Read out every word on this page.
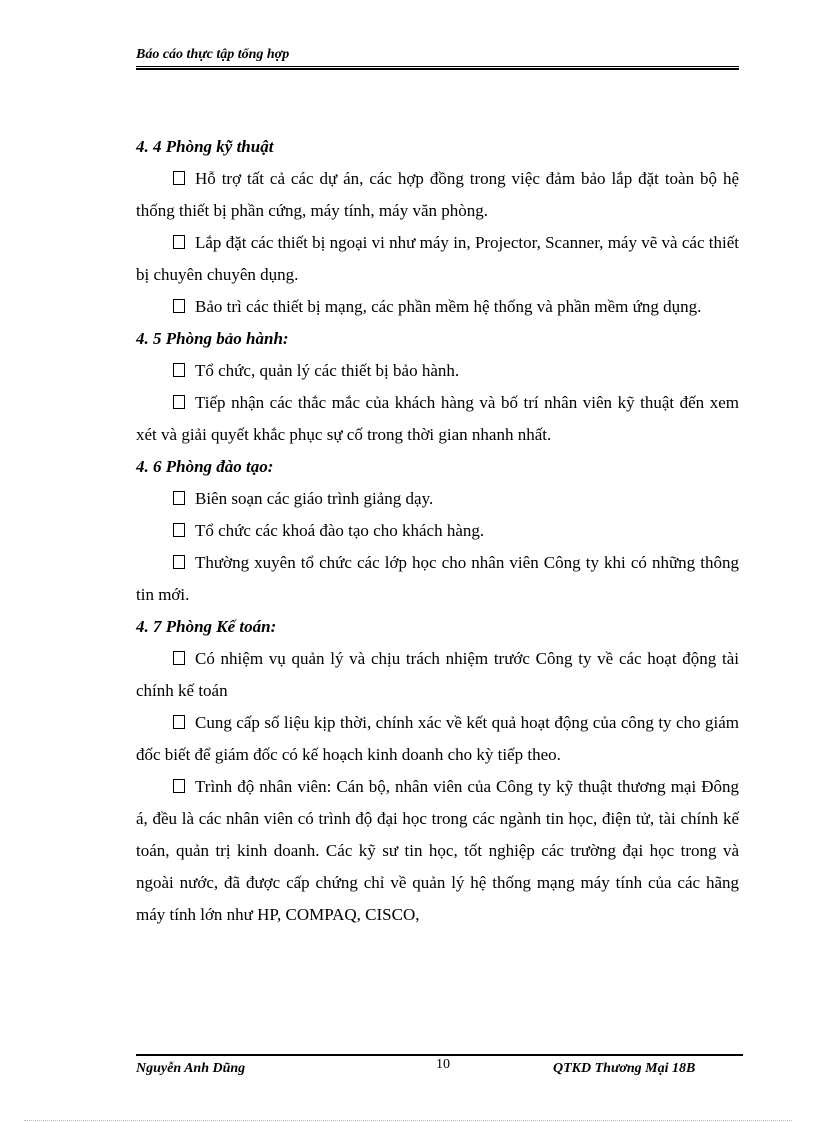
Báo cáo thực tập tổng hợp

4. 4 Phòng kỹ thuật

Hỗ trợ tất cả các dự án, các hợp đồng trong việc đảm bảo lắp đặt toàn bộ hệ thống thiết bị phần cứng, máy tính, máy văn phòng.

Lắp đặt các thiết bị ngoại vi như máy in, Projector, Scanner, máy vẽ và các thiết bị chuyên chuyên dụng.

Bảo trì các thiết bị mạng, các phần mềm hệ thống và phần mềm ứng dụng.

4. 5 Phòng bảo hành:

Tổ chức, quản lý các thiết bị bảo hành.

Tiếp nhận các thắc mắc của khách hàng và bố trí nhân viên kỹ thuật đến xem xét và giải quyết khắc phục sự cố trong thời gian nhanh nhất.

4. 6 Phòng đào tạo:

Biên soạn các giáo trình giảng dạy.

Tổ chức các khoá đào tạo cho khách hàng.

Thường xuyên tổ chức các lớp học cho nhân viên Công ty khi có những thông tin mới.

4. 7 Phòng Kế toán:

Có nhiệm vụ quản lý và chịu trách nhiệm trước Công ty về các hoạt động tài chính kế toán

Cung cấp số liệu kịp thời, chính xác về kết quả hoạt động của công ty cho giám đốc biết để giám đốc có kế hoạch kinh doanh cho kỳ tiếp theo.

Trình độ nhân viên: Cán bộ, nhân viên của Công ty kỹ thuật thương mại Đông á, đều là các nhân viên có trình độ đại học trong các ngành tin học, điện tử, tài chính kế toán, quản trị kinh doanh. Các kỹ sư tin học, tốt nghiệp các trường đại học trong và ngoài nước, đã được cấp chứng chỉ về quản lý hệ thống mạng máy tính của các hãng máy tính lớn như HP, COMPAQ, CISCO,

Nguyễn Anh Dũng	10	QTKD Thương Mại 18B
